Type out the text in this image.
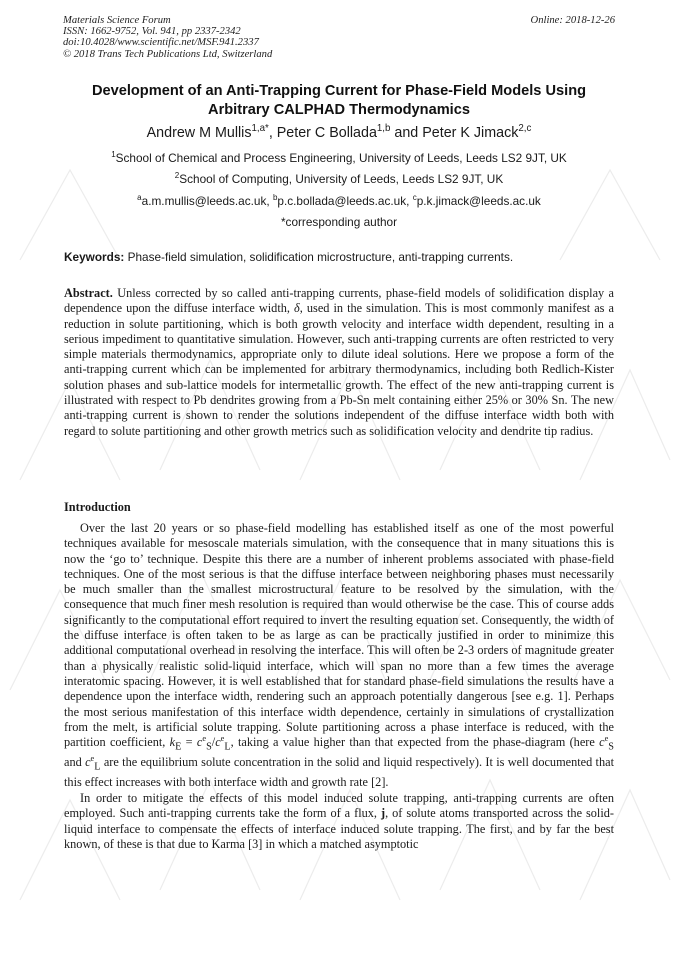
Materials Science Forum
ISSN: 1662-9752, Vol. 941, pp 2337-2342
doi:10.4028/www.scientific.net/MSF.941.2337
© 2018 Trans Tech Publications Ltd, Switzerland
Online: 2018-12-26
Development of an Anti-Trapping Current for Phase-Field Models Using
Arbitrary CALPHAD Thermodynamics
Andrew M Mullis$^{1,a*}$, Peter C Bollada$^{1,b}$ and Peter K Jimack$^{2,c}$
$^1$School of Chemical and Process Engineering, University of Leeds, Leeds LS2 9JT, UK
$^2$School of Computing, University of Leeds, Leeds LS2 9JT, UK
$^a$a.m.mullis@leeds.ac.uk, $^b$p.c.bollada@leeds.ac.uk, $^c$p.k.jimack@leeds.ac.uk
*corresponding author
Keywords: Phase-field simulation, solidification microstructure, anti-trapping currents.
Abstract. Unless corrected by so called anti-trapping currents, phase-field models of solidification display a dependence upon the diffuse interface width, δ, used in the simulation. This is most commonly manifest as a reduction in solute partitioning, which is both growth velocity and interface width dependent, resulting in a serious impediment to quantitative simulation. However, such anti-trapping currents are often restricted to very simple materials thermodynamics, appropriate only to dilute ideal solutions. Here we propose a form of the anti-trapping current which can be implemented for arbitrary thermodynamics, including both Redlich-Kister solution phases and sub-lattice models for intermetallic growth. The effect of the new anti-trapping current is illustrated with respect to Pb dendrites growing from a Pb-Sn melt containing either 25% or 30% Sn. The new anti-trapping current is shown to render the solutions independent of the diffuse interface width both with regard to solute partitioning and other growth metrics such as solidification velocity and dendrite tip radius.
Introduction

Over the last 20 years or so phase-field modelling has established itself as one of the most powerful techniques available for mesoscale materials simulation, with the consequence that in many situations this is now the ‘go to’ technique. Despite this there are a number of inherent problems associated with phase-field techniques. One of the most serious is that the diffuse interface between neighboring phases must necessarily be much smaller than the smallest microstructural feature to be resolved by the simulation, with the consequence that much finer mesh resolution is required than would otherwise be the case. This of course adds significantly to the computational effort required to invert the resulting equation set. Consequently, the width of the diffuse interface is often taken to be as large as can be practically justified in order to minimize this additional computational overhead in resolving the interface. This will often be 2-3 orders of magnitude greater than a physically realistic solid-liquid interface, which will span no more than a few times the average interatomic spacing. However, it is well established that for standard phase-field simulations the results have a dependence upon the interface width, rendering such an approach potentially dangerous [see e.g. 1]. Perhaps the most serious manifestation of this interface width dependence, certainly in simulations of crystallization from the melt, is artificial solute trapping. Solute partitioning across a phase interface is reduced, with the partition coefficient, $k_E = c^e_S/c^e_L$, taking a value higher than that expected from the phase-diagram (here $c^e_S$ and $c^e_L$ are the equilibrium solute concentration in the solid and liquid respectively). It is well documented that this effect increases with both interface width and growth rate [2].

In order to mitigate the effects of this model induced solute trapping, anti-trapping currents are often employed. Such anti-trapping currents take the form of a flux, j, of solute atoms transported across the solid-liquid interface to compensate the effects of interface induced solute trapping. The first, and by far the best known, of these is that due to Karma [3] in which a matched asymptotic
